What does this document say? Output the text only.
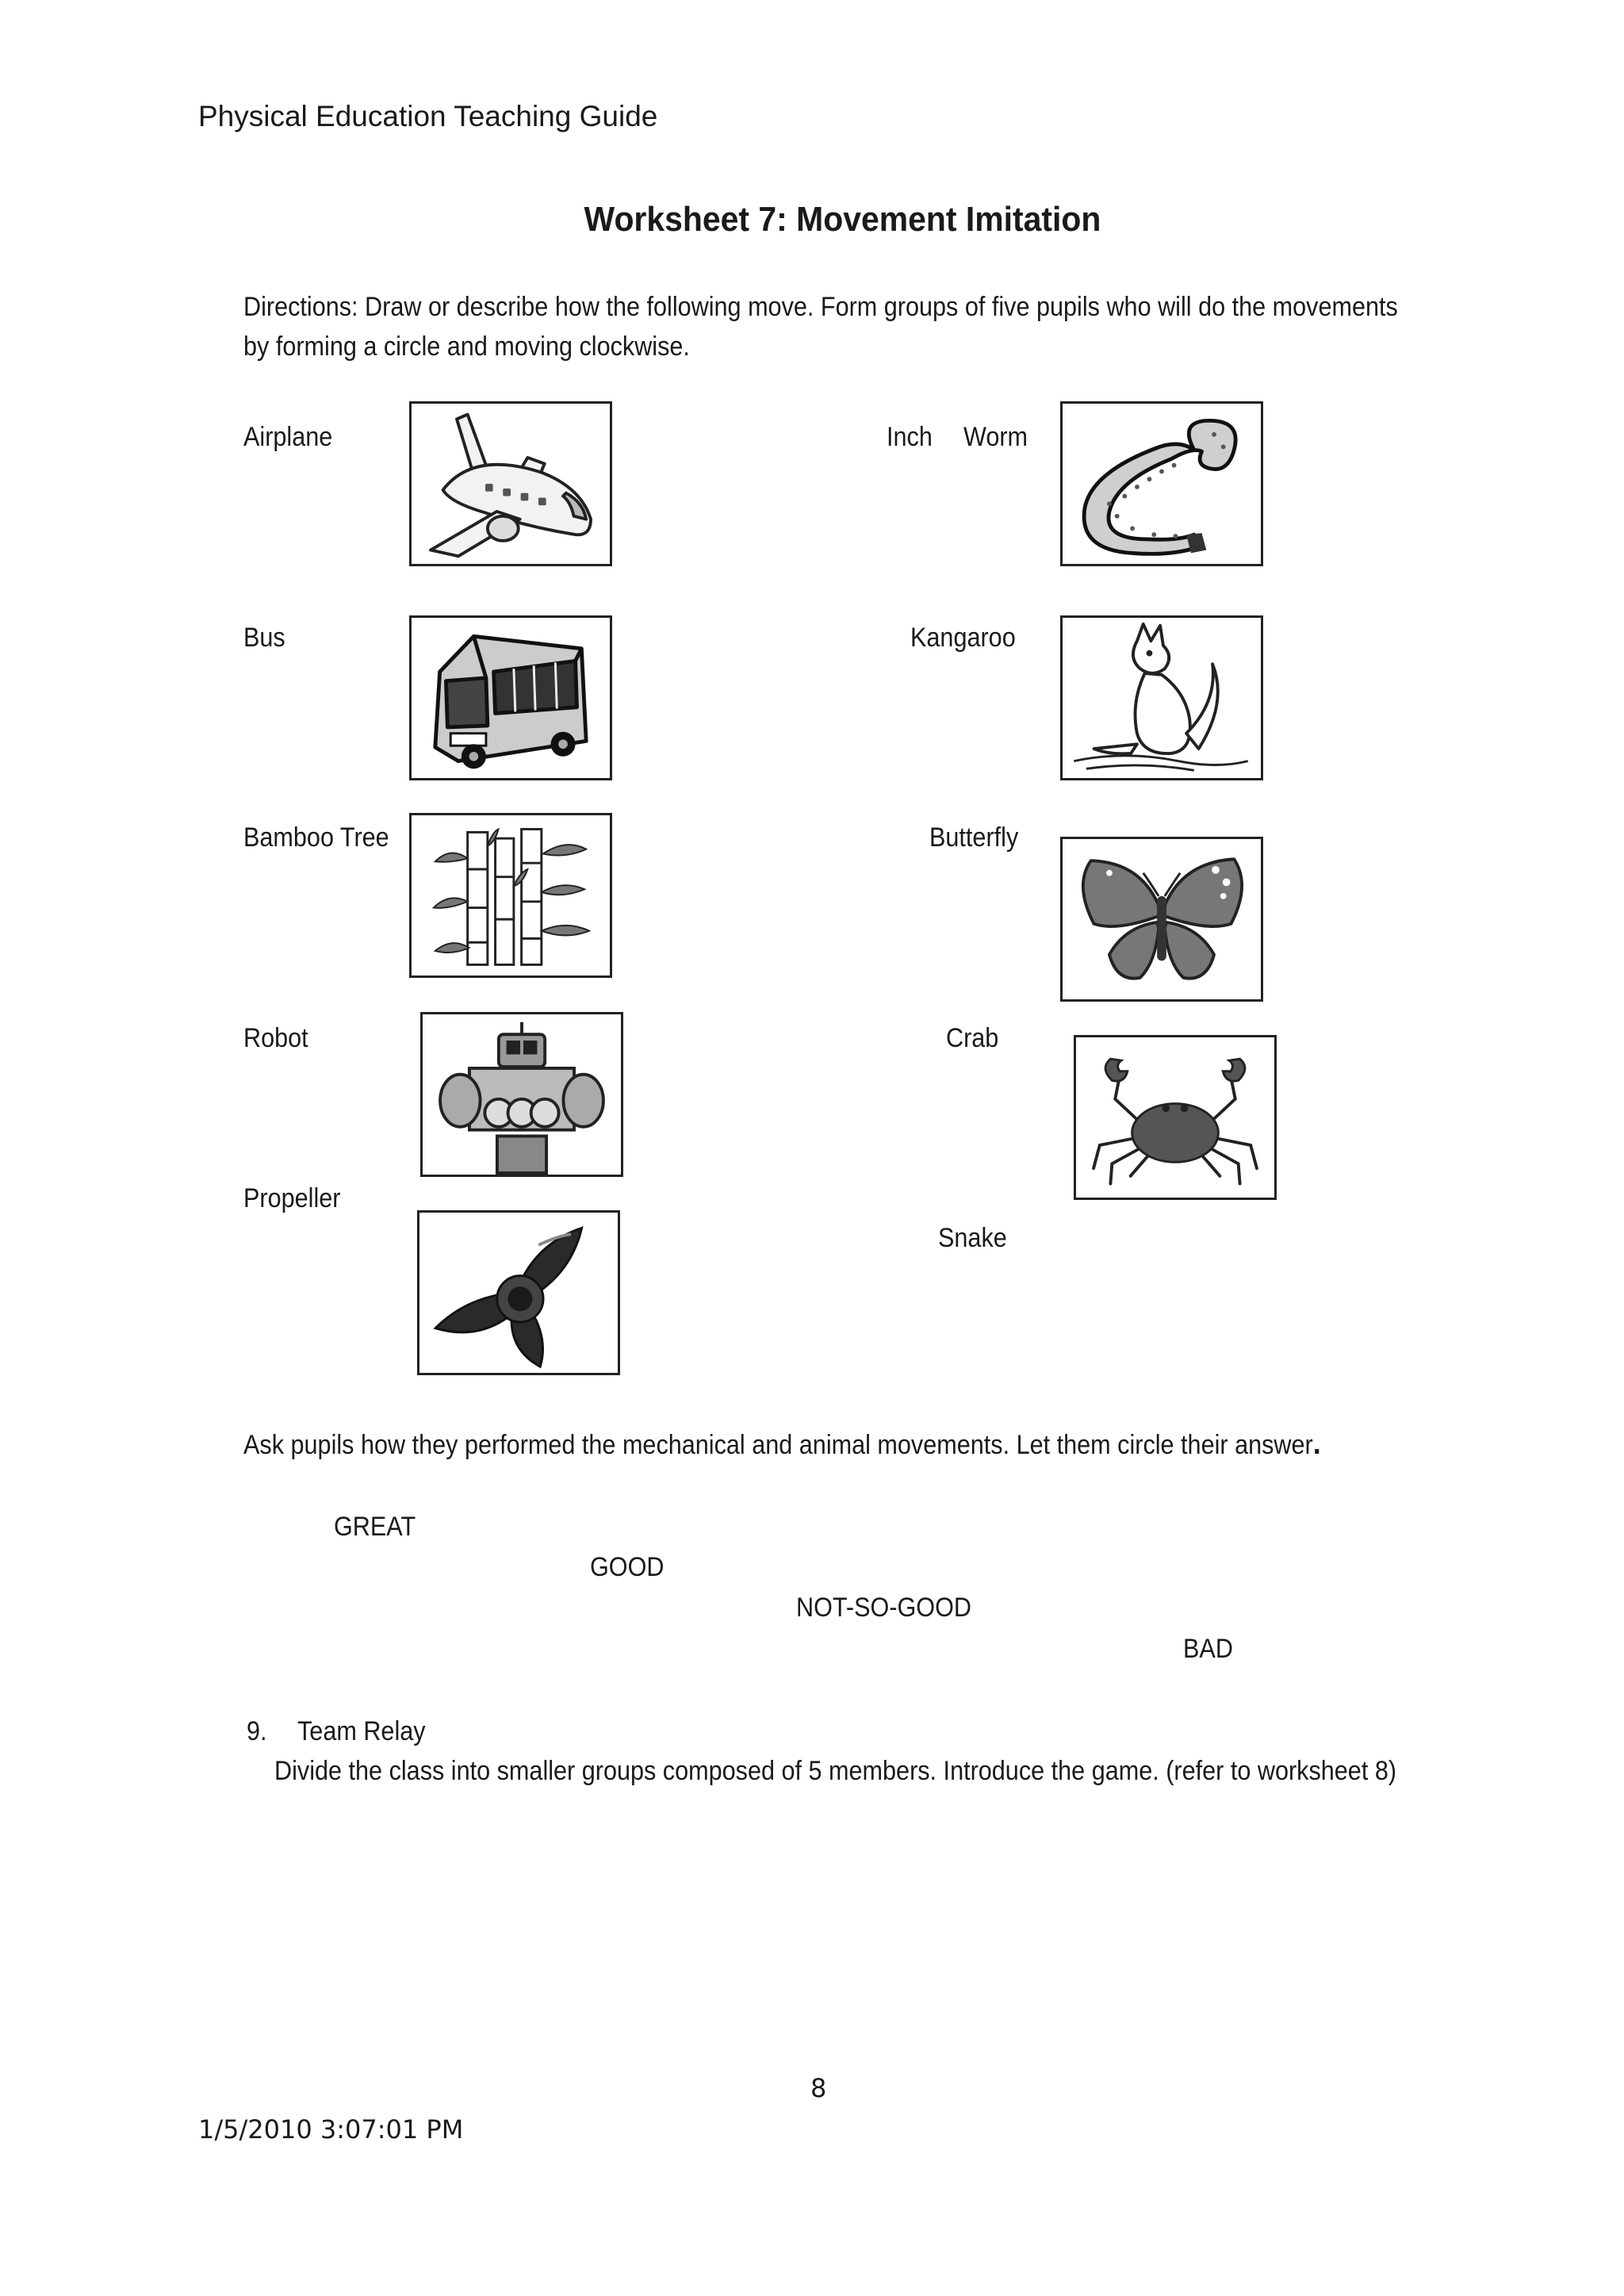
Physical Education Teaching Guide
Worksheet 7: Movement Imitation
Directions: Draw or describe how the following move. Form groups of five pupils who will do the movements
by forming a circle and moving clockwise.
Airplane
Bus
Bamboo Tree
Robot
Propeller
Inch Worm
Kangaroo
Butterfly
Crab
Snake
Ask pupils how they performed the mechanical and animal movements. Let them circle their answer.
GREAT
GOOD
NOT-SO-GOOD
BAD
9. Team Relay
Divide the class into smaller groups composed of 5 members. Introduce the game. (refer to worksheet 8)
8
1/5/2010 3:07:01 PM
